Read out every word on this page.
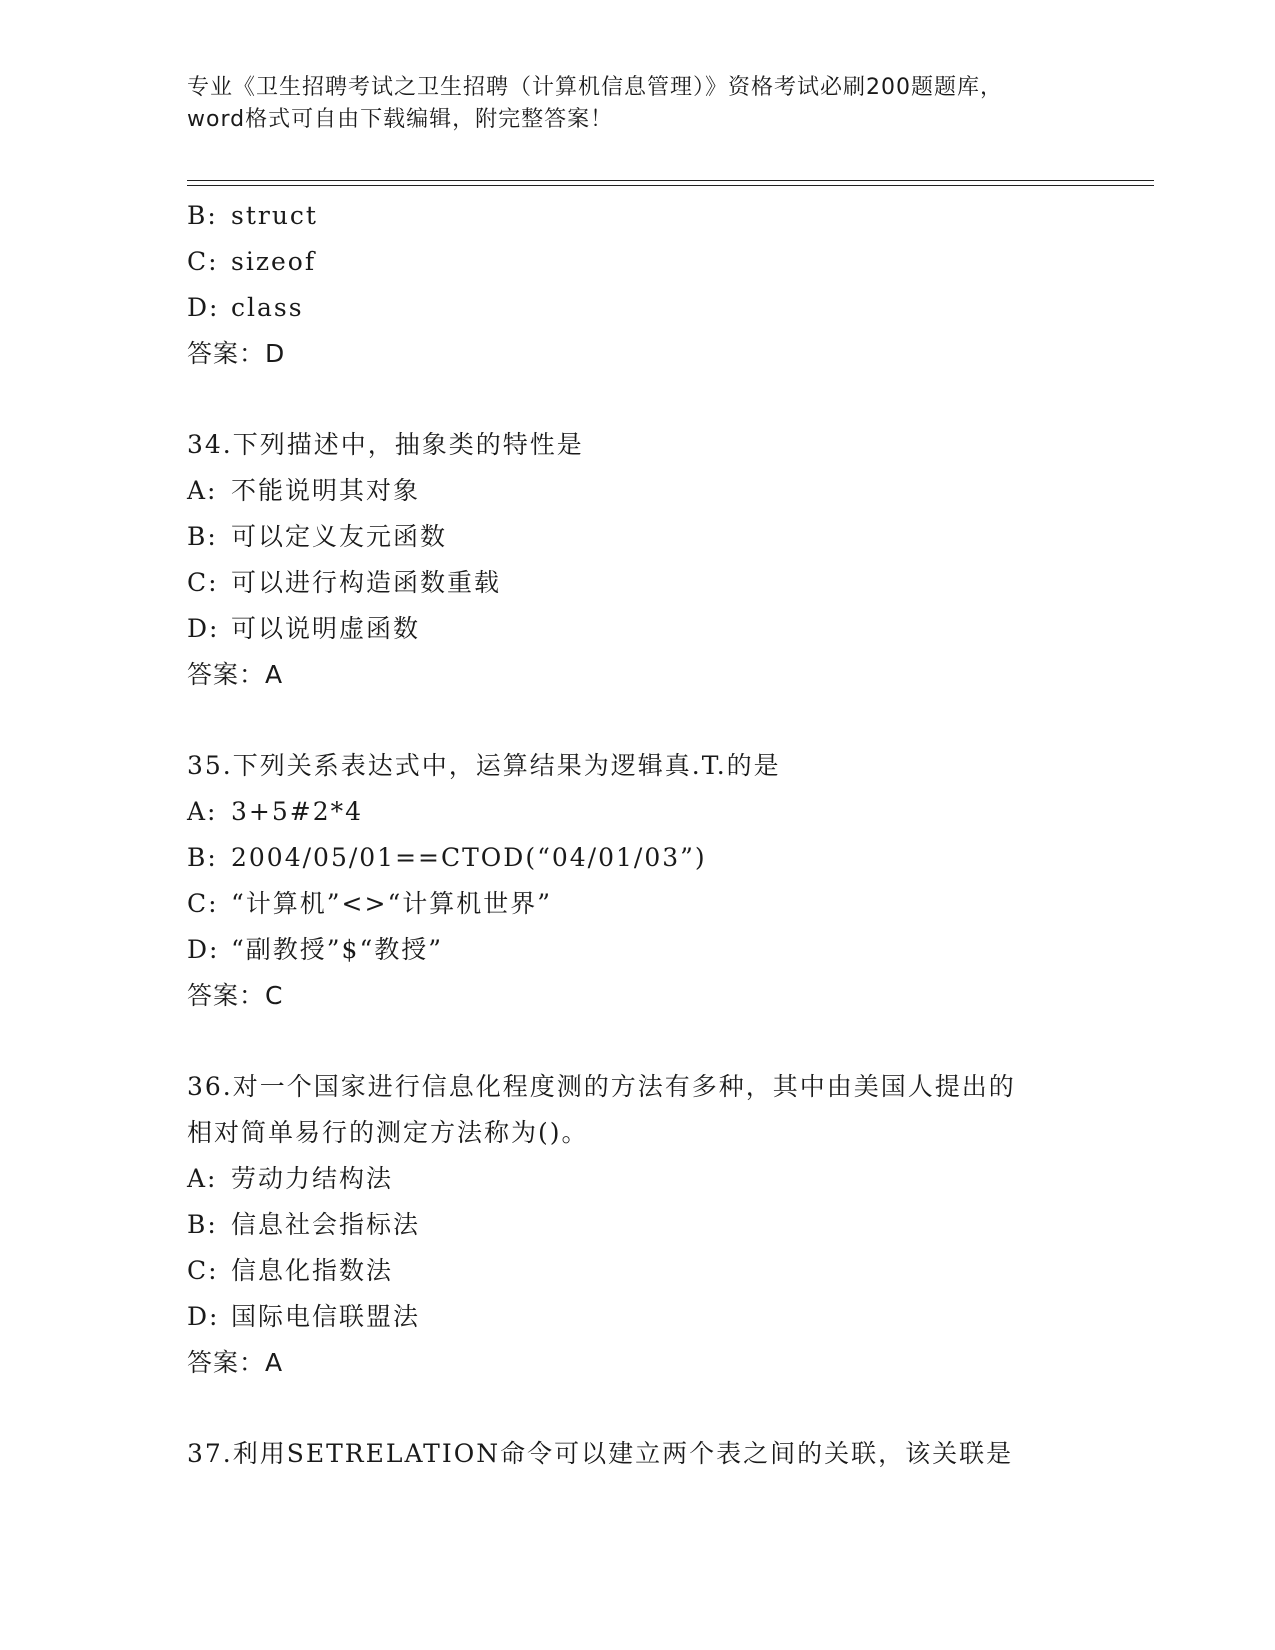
专业《卫生招聘考试之卫生招聘（计算机信息管理）》资格考试必刷200题题库，
word格式可自由下载编辑，附完整答案！
B: struct
C: sizeof
D: class
答案：D
34.下列描述中，抽象类的特性是
A: 不能说明其对象
B: 可以定义友元函数
C: 可以进行构造函数重载
D: 可以说明虚函数
答案：A
35.下列关系表达式中，运算结果为逻辑真.T.的是
A: 3+5#2*4
B: 2004/05/01==CTOD(“04/01/03”)
C: “计算机”<>“计算机世界”
D: “副教授”$“教授”
答案：C
36.对一个国家进行信息化程度测的方法有多种，其中由美国人提出的
相对简单易行的测定方法称为()。
A: 劳动力结构法
B: 信息社会指标法
C: 信息化指数法
D: 国际电信联盟法
答案：A
37.利用SETRELATION命令可以建立两个表之间的关联，该关联是
